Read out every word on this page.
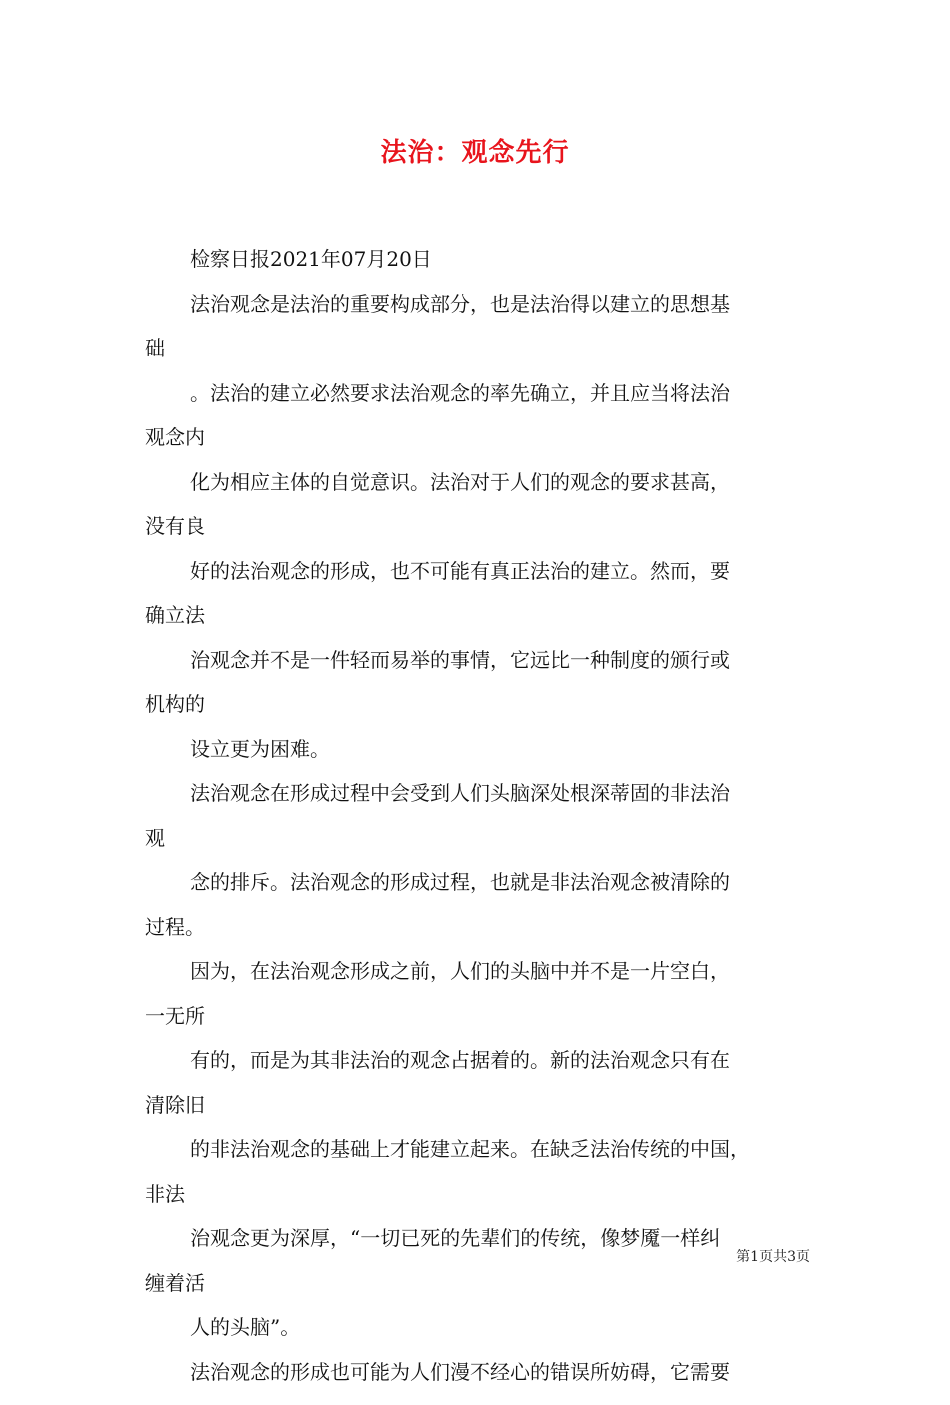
法治：观念先行
检察日报2021年07月20日
法治观念是法治的重要构成部分，也是法治得以建立的思想基
础
。法治的建立必然要求法治观念的率先确立，并且应当将法治
观念内
化为相应主体的自觉意识。法治对于人们的观念的要求甚高，
没有良
好的法治观念的形成，也不可能有真正法治的建立。然而，要
确立法
治观念并不是一件轻而易举的事情，它远比一种制度的颁行或
机构的
设立更为困难。
法治观念在形成过程中会受到人们头脑深处根深蒂固的非法治
观
念的排斥。法治观念的形成过程，也就是非法治观念被清除的
过程。
因为，在法治观念形成之前，人们的头脑中并不是一片空白，
一无所
有的，而是为其非法治的观念占据着的。新的法治观念只有在
清除旧
的非法治观念的基础上才能建立起来。在缺乏法治传统的中国，
非法
治观念更为深厚，“一切已死的先辈们的传统，像梦魇一样纠
缠着活
人的头脑”。
法治观念的形成也可能为人们漫不经心的错误所妨碍，它需要
第1页共3页
